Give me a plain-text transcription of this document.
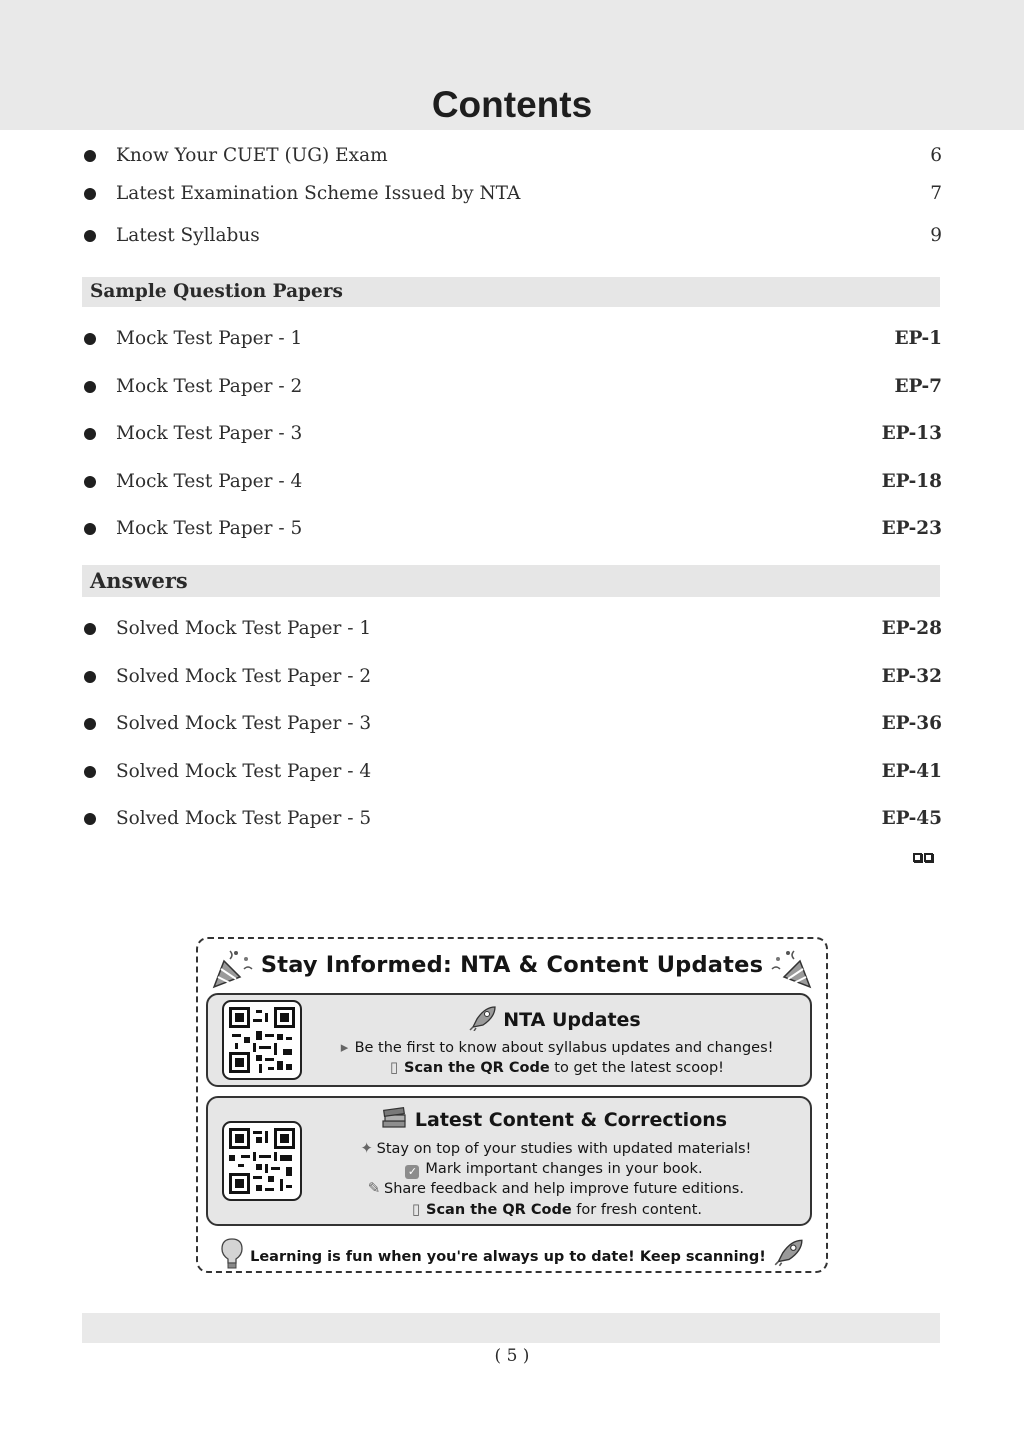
Contents
Know Your CUET (UG) Exam	6
Latest Examination Scheme Issued by NTA	7
Latest Syllabus	9
Sample Question Papers
Mock Test Paper - 1	EP-1
Mock Test Paper - 2	EP-7
Mock Test Paper - 3	EP-13
Mock Test Paper - 4	EP-18
Mock Test Paper - 5	EP-23
Answers
Solved Mock Test Paper - 1	EP-28
Solved Mock Test Paper - 2	EP-32
Solved Mock Test Paper - 3	EP-36
Solved Mock Test Paper - 4	EP-41
Solved Mock Test Paper - 5	EP-45
Stay Informed: NTA & Content Updates
NTA Updates
▸ Be the first to know about syllabus updates and changes!
▯ Scan the QR Code to get the latest scoop!
Latest Content & Corrections
✦ Stay on top of your studies with updated materials!
✓ Mark important changes in your book.
✎ Share feedback and help improve future editions.
▯ Scan the QR Code for fresh content.
Learning is fun when you're always up to date! Keep scanning!
( 5 )
